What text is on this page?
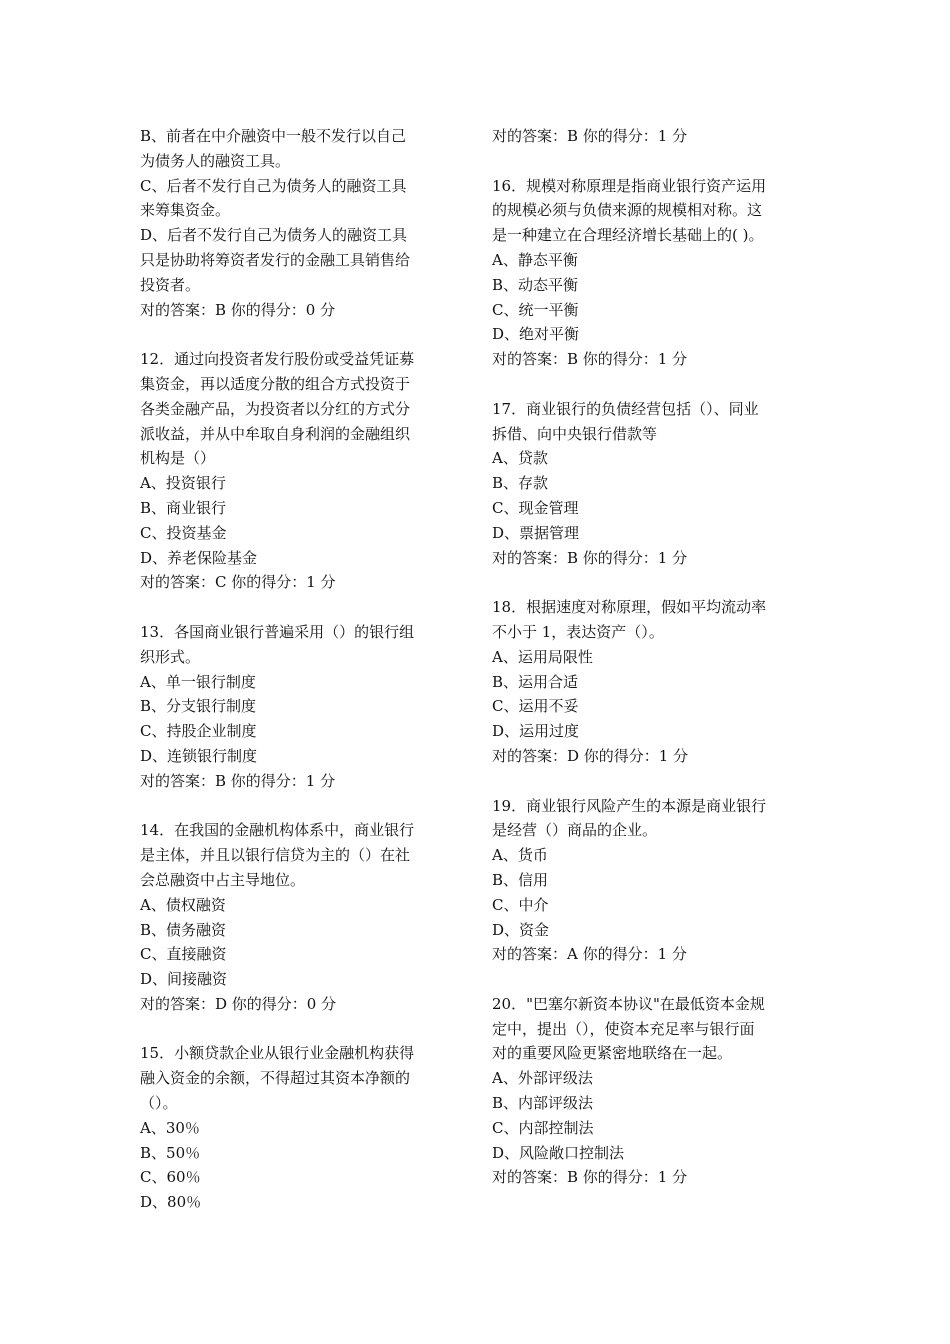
B、前者在中介融资中一般不发行以自己
为债务人的融资工具。
C、后者不发行自己为债务人的融资工具
来筹集资金。
D、后者不发行自己为债务人的融资工具
只是协助将筹资者发行的金融工具销售给
投资者。
对的答案：B 你的得分：0 分
12．通过向投资者发行股份或受益凭证募
集资金，再以适度分散的组合方式投资于
各类金融产品，为投资者以分红的方式分
派收益，并从中牟取自身利润的金融组织
机构是（）
A、投资银行
B、商业银行
C、投资基金
D、养老保险基金
对的答案：C 你的得分：1 分
13．各国商业银行普遍采用（）的银行组
织形式。
A、单一银行制度
B、分支银行制度
C、持股企业制度
D、连锁银行制度
对的答案：B 你的得分：1 分
14．在我国的金融机构体系中，商业银行
是主体，并且以银行信贷为主的（）在社
会总融资中占主导地位。
A、债权融资
B、债务融资
C、直接融资
D、间接融资
对的答案：D 你的得分：0 分
15．小额贷款企业从银行业金融机构获得
融入资金的余额，不得超过其资本净额的
（）。
A、30％
B、50％
C、60％
D、80％
对的答案：B 你的得分：1 分
16．规模对称原理是指商业银行资产运用
的规模必须与负债来源的规模相对称。这
是一种建立在合理经济增长基础上的( )。
A、静态平衡
B、动态平衡
C、统一平衡
D、绝对平衡
对的答案：B 你的得分：1 分
17．商业银行的负债经营包括（）、同业
拆借、向中央银行借款等
A、贷款
B、存款
C、现金管理
D、票据管理
对的答案：B 你的得分：1 分
18．根据速度对称原理，假如平均流动率
不小于 1，表达资产（）。
A、运用局限性
B、运用合适
C、运用不妥
D、运用过度
对的答案：D 你的得分：1 分
19．商业银行风险产生的本源是商业银行
是经营（）商品的企业。
A、货币
B、信用
C、中介
D、资金
对的答案：A 你的得分：1 分
20．"巴塞尔新资本协议"在最低资本金规
定中，提出（），使资本充足率与银行面
对的重要风险更紧密地联络在一起。
A、外部评级法
B、内部评级法
C、内部控制法
D、风险敞口控制法
对的答案：B 你的得分：1 分
